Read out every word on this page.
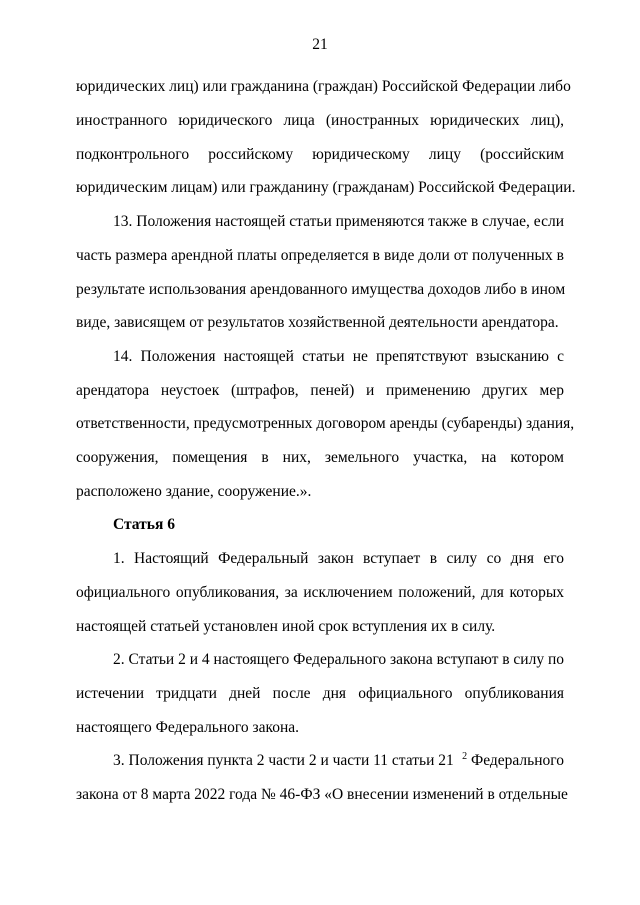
21
юридических лиц) или гражданина (граждан) Российской Федерации либо
иностранного юридического лица (иностранных юридических лиц),
подконтрольного российскому юридическому лицу (российским
юридическим лицам) или гражданину (гражданам) Российской Федерации.
13. Положения настоящей статьи применяются также в случае, если
часть размера арендной платы определяется в виде доли от полученных в
результате использования арендованного имущества доходов либо в ином
виде, зависящем от результатов хозяйственной деятельности арендатора.
14. Положения настоящей статьи не препятствуют взысканию с
арендатора неустоек (штрафов, пеней) и применению других мер
ответственности, предусмотренных договором аренды (субаренды) здания,
сооружения, помещения в них, земельного участка, на котором
расположено здание, сооружение.».
Статья 6
1. Настоящий Федеральный закон вступает в силу со дня его
официального опубликования, за исключением положений, для которых
настоящей статьей установлен иной срок вступления их в силу.
2. Статьи 2 и 4 настоящего Федерального закона вступают в силу по
истечении тридцати дней после дня официального опубликования
настоящего Федерального закона.
3. Положения пункта 2 части 2 и части 11 статьи 21 $^2$ Федерального
закона от 8 марта 2022 года № 46-ФЗ «О внесении изменений в отдельные
